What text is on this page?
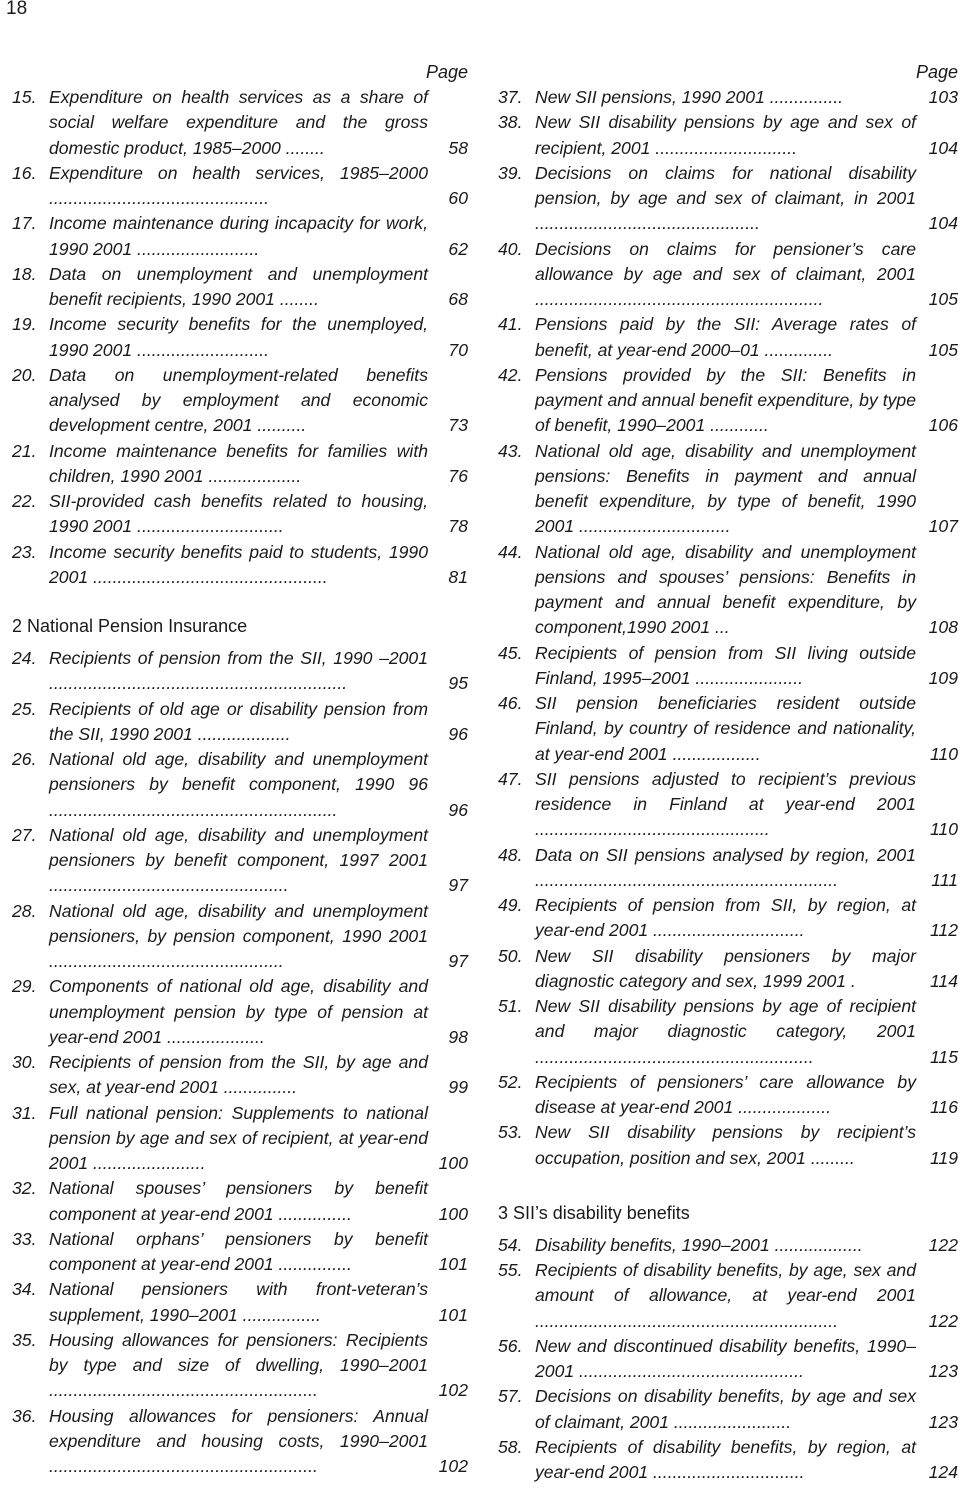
18
Page
15. Expenditure on health services as a share of social welfare expenditure and the gross domestic product, 1985–2000 ........	58
16. Expenditure on health services, 1985–2000 .............................................	60
17. Income maintenance during incapacity for work, 1990 2001 .........................	62
18. Data on unemployment and unemployment benefit recipients, 1990 2001 ........	68
19. Income security benefits for the unemployed, 1990 2001 ...........................	70
20. Data on unemployment-related benefits analysed by employment and economic development centre, 2001 ..........	73
21. Income maintenance benefits for families with children, 1990 2001 ...................	76
22. SII-provided cash benefits related to housing, 1990 2001 ..............................	78
23. Income security benefits paid to students, 1990 2001 ................................................	81
2 National Pension Insurance
24. Recipients of pension from the SII, 1990 –2001 .............................................................	95
25. Recipients of old age or disability pension from the SII, 1990 2001 ...................	96
26. National old age, disability and unemployment pensioners by benefit component, 1990 96 ...........................................................	96
27. National old age, disability and unemployment pensioners by benefit component, 1997 2001 .................................................	97
28. National old age, disability and unemployment pensioners, by pension component, 1990 2001 ................................................	97
29. Components of national old age, disability and unemployment pension by type of pension at year-end 2001 ....................	98
30. Recipients of pension from the SII, by age and sex, at year-end 2001 ...............	99
31. Full national pension: Supplements to national pension by age and sex of recipient, at year-end 2001 .......................	100
32. National spouses’ pensioners by benefit component at year-end 2001 ...............	100
33. National orphans’ pensioners by benefit component at year-end 2001 ...............	101
34. National pensioners with front-veteran’s supplement, 1990–2001 ................	101
35. Housing allowances for pensioners: Recipients by type and size of dwelling, 1990–2001 .......................................................	102
36. Housing allowances for pensioners: Annual expenditure and housing costs, 1990–2001 .......................................................	102
Page
37. New SII pensions, 1990 2001 ...............	103
38. New SII disability pensions by age and sex of recipient, 2001 .............................	104
39. Decisions on claims for national disability pension, by age and sex of claimant, in 2001 ..............................................	104
40. Decisions on claims for pensioner’s care allowance by age and sex of claimant, 2001 ...........................................................	105
41. Pensions paid by the SII: Average rates of benefit, at year-end 2000–01 ..............	105
42. Pensions provided by the SII: Benefits in payment and annual benefit expenditure, by type of benefit, 1990–2001 ............	106
43. National old age, disability and unemployment pensions: Benefits in payment and annual benefit expenditure, by type of benefit, 1990 2001 ...............................	107
44. National old age, disability and unemployment pensions and spouses’ pensions: Benefits in payment and annual benefit expenditure, by component,1990 2001 ...	108
45. Recipients of pension from SII living outside Finland, 1995–2001 ......................	109
46. SII pension beneficiaries resident outside Finland, by country of residence and nationality, at year-end 2001 ..................	110
47. SII pensions adjusted to recipient’s previous residence in Finland at year-end 2001 ................................................	110
48. Data on SII pensions analysed by region, 2001 ..............................................................	111
49. Recipients of pension from SII, by region, at year-end 2001 ...............................	112
50. New SII disability pensioners by major diagnostic category and sex, 1999 2001 .	114
51. New SII disability pensions by age of recipient and major diagnostic category, 2001 .........................................................	115
52. Recipients of pensioners’ care allowance by disease at year-end 2001 ...................	116
53. New SII disability pensions by recipient’s occupation, position and sex, 2001 .........	119
3 SII’s disability benefits
54. Disability benefits, 1990–2001 ..................	122
55. Recipients of disability benefits, by age, sex and amount of allowance, at year-end 2001 ..............................................................	122
56. New and discontinued disability benefits, 1990–2001 ..............................................	123
57. Decisions on disability benefits, by age and sex of claimant, 2001 ........................	123
58. Recipients of disability benefits, by region, at year-end 2001 ...............................	124
